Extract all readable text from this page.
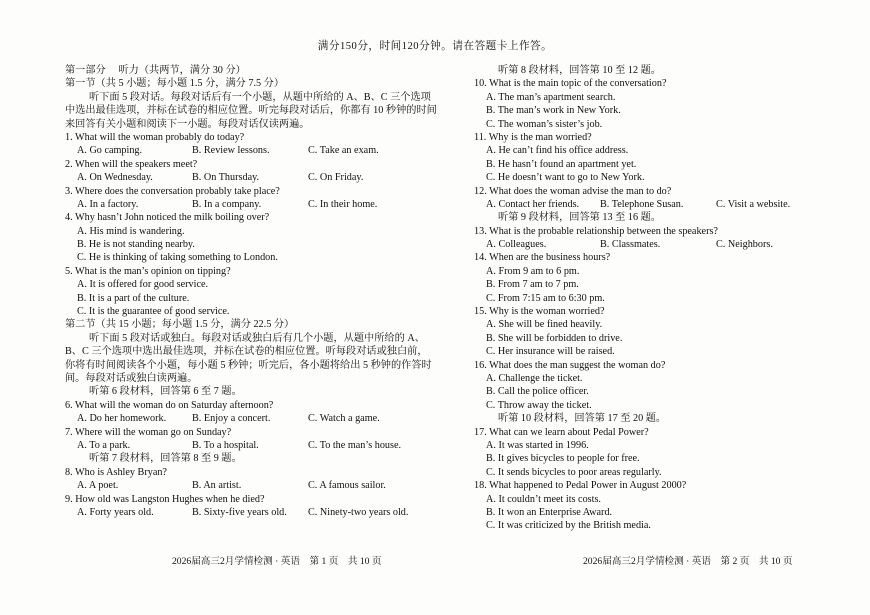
满分150分，时间120分钟。请在答题卡上作答。
第一部分　 听力（共两节，满分 30 分）
第一节（共 5 小题；每小题 1.5 分，满分 7.5 分）
听下面 5 段对话。每段对话后有一个小题，从题中所给的 A、B、C 三个选项
中选出最佳选项，并标在试卷的相应位置。听完每段对话后，你都有 10 秒钟的时间
来回答有关小题和阅读下一小题。每段对话仅读两遍。
1. What will the woman probably do today?
A. Go camping.	B. Review lessons.	C. Take an exam.
2. When will the speakers meet?
A. On Wednesday.	B. On Thursday.	C. On Friday.
3. Where does the conversation probably take place?
A. In a factory.	B. In a company.	C. In their home.
4. Why hasn’t John noticed the milk boiling over?
A. His mind is wandering.
B. He is not standing nearby.
C. He is thinking of taking something to London.
5. What is the man’s opinion on tipping?
A. It is offered for good service.
B. It is a part of the culture.
C. It is the guarantee of good service.
第二节（共 15 小题；每小题 1.5 分，满分 22.5 分）
听下面 5 段对话或独白。每段对话或独白后有几个小题，从题中所给的 A、
B、C 三个选项中选出最佳选项，并标在试卷的相应位置。听每段对话或独白前，
你将有时间阅读各个小题，每小题 5 秒钟；听完后，各小题将给出 5 秒钟的作答时
间。每段对话或独白读两遍。
听第 6 段材料，回答第 6 至 7 题。
6. What will the woman do on Saturday afternoon?
A. Do her homework.	B. Enjoy a concert.	C. Watch a game.
7. Where will the woman go on Sunday?
A. To a park.	B. To a hospital.	C. To the man’s house.
听第 7 段材料，回答第 8 至 9 题。
8. Who is Ashley Bryan?
A. A poet.	B. An artist.	C. A famous sailor.
9. How old was Langston Hughes when he died?
A. Forty years old.	B. Sixty-five years old.	C. Ninety-two years old.
听第 8 段材料，回答第 10 至 12 题。
10. What is the main topic of the conversation?
A. The man’s apartment search.
B. The man’s work in New York.
C. The woman’s sister’s job.
11. Why is the man worried?
A. He can’t find his office address.
B. He hasn’t found an apartment yet.
C. He doesn’t want to go to New York.
12. What does the woman advise the man to do?
A. Contact her friends.	B. Telephone Susan.	C. Visit a website.
听第 9 段材料，回答第 13 至 16 题。
13. What is the probable relationship between the speakers?
A. Colleagues.	B. Classmates.	C. Neighbors.
14. When are the business hours?
A. From 9 am to 6 pm.
B. From 7 am to 7 pm.
C. From 7:15 am to 6:30 pm.
15. Why is the woman worried?
A. She will be fined heavily.
B. She will be forbidden to drive.
C. Her insurance will be raised.
16. What does the man suggest the woman do?
A. Challenge the ticket.
B. Call the police officer.
C. Throw away the ticket.
听第 10 段材料，回答第 17 至 20 题。
17. What can we learn about Pedal Power?
A. It was started in 1996.
B. It gives bicycles to people for free.
C. It sends bicycles to poor areas regularly.
18. What happened to Pedal Power in August 2000?
A. It couldn’t meet its costs.
B. It won an Enterprise Award.
C. It was criticized by the British media.
2026届高三2月学情检测 · 英语　第 1 页　共 10 页	2026届高三2月学情检测 · 英语　第 2 页　共 10 页
